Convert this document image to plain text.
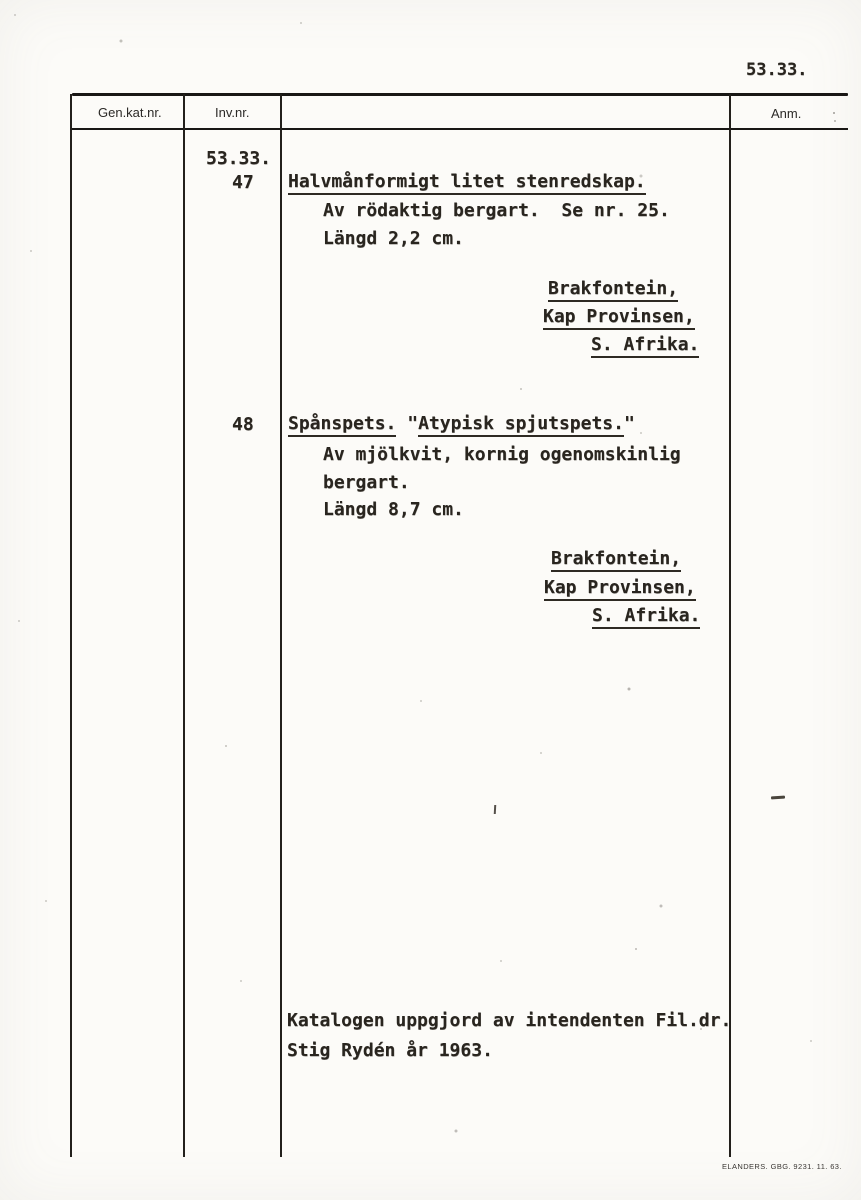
53.33.
Gen.kat.nr.	Inv.nr.	Anm.
53.33.
47 Halvmånformigt litet stenredskap.
Av rödaktig bergart.  Se nr. 25.
Längd 2,2 cm.
Brakfontein,
Kap Provinsen,
S. Afrika.
48 Spånspets. "Atypisk spjutspets."
Av mjölkvit, kornig ogenomskinlig
bergart.
Längd 8,7 cm.
Brakfontein,
Kap Provinsen,
S. Afrika.
Katalogen uppgjord av intendenten Fil.dr.
Stig Rydén år 1963.
ELANDERS. GBG. 9231. 11. 63.
